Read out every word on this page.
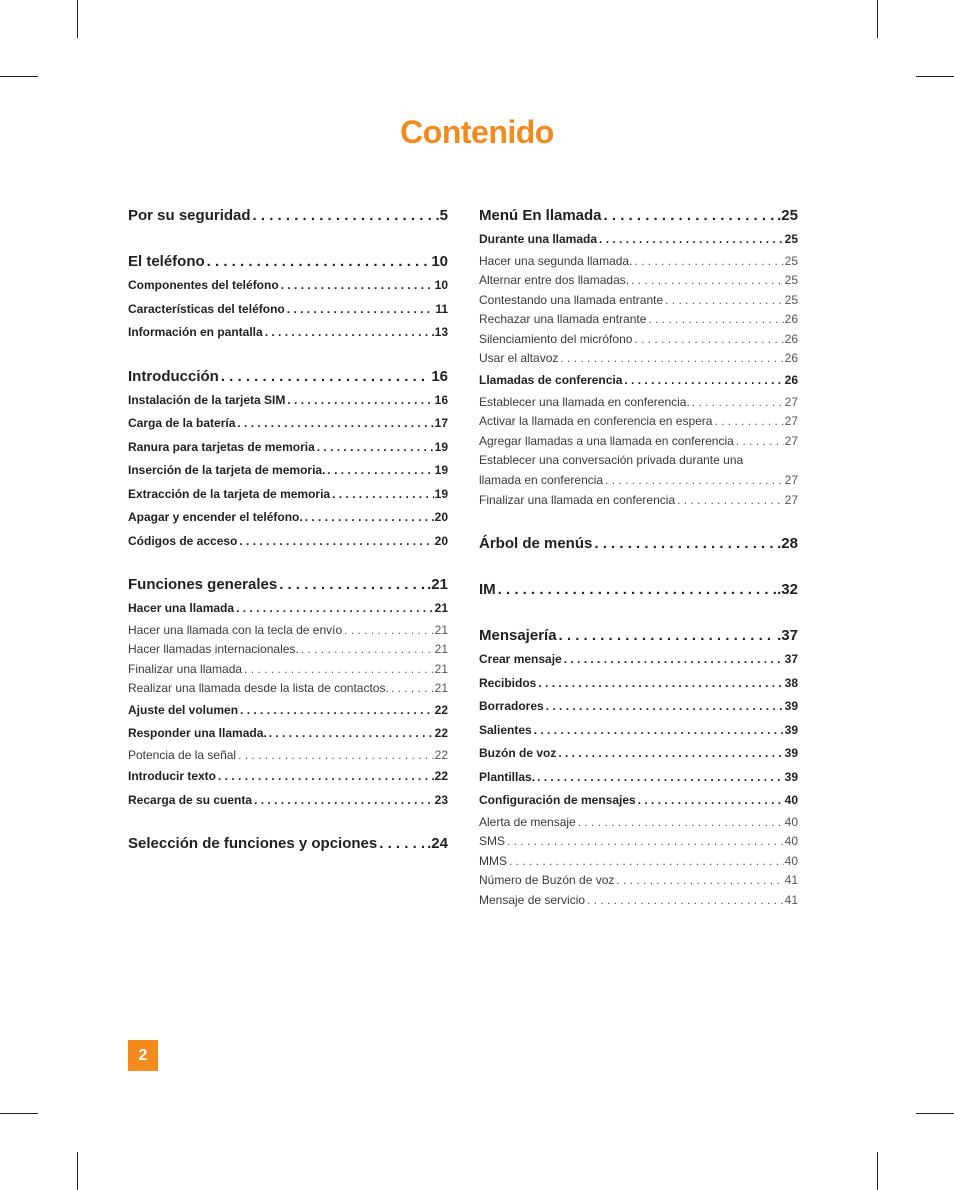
Contenido
Por su seguridad . . .	.5
El teléfono . . .	10
Componentes del teléfono . . .	10
Características del teléfono . . .	11
Información en pantalla . . .	13
Introducción . . .	16
Instalación de la tarjeta SIM . . .	16
Carga de la batería . . .	17
Ranura para tarjetas de memoria . . .	19
Inserción de la tarjeta de memoria. . . .	19
Extracción de la tarjeta de memoria . . .	19
Apagar y encender el teléfono. . . .	20
Códigos de acceso . . .	20
Funciones generales . . .	.21
Hacer una llamada . . .	21
Hacer una llamada con la tecla de envío . . .	21
Hacer llamadas internacionales. . . .	21
Finalizar una llamada . . .	21
Realizar una llamada desde la lista de contactos. . . .	21
Ajuste del volumen . . .	22
Responder una llamada. . . .	22
Potencia de la señal . . .	22
Introducir texto . . .	22
Recarga de su cuenta . . .	23
Selección de funciones y opciones . . .	.24
Menú En llamada . . .	.25
Durante una llamada . . .	25
Hacer una segunda llamada. . . .	25
Alternar entre dos llamadas. . . .	25
Contestando una llamada entrante . . .	25
Rechazar una llamada entrante . . .	26
Silenciamiento del micrófono . . .	26
Usar el altavoz . . .	26
Llamadas de conferencia . . .	26
Establecer una llamada en conferencia. . . .	27
Activar la llamada en conferencia en espera . . .	27
Agregar llamadas a una llamada en conferencia . . .	27
Establecer una conversación privada durante una
llamada en conferencia . . .	27
Finalizar una llamada en conferencia . . .	27
Árbol de menús . . .	.28
IM . . .	.32
Mensajería . . .	.37
Crear mensaje . . .	37
Recibidos . . .	38
Borradores . . .	39
Salientes . . .	39
Buzón de voz . . .	39
Plantillas. . . .	39
Configuración de mensajes . . .	40
Alerta de mensaje . . .	40
SMS . . .	40
MMS . . .	40
Número de Buzón de voz . . .	41
Mensaje de servicio . . .	41
2
